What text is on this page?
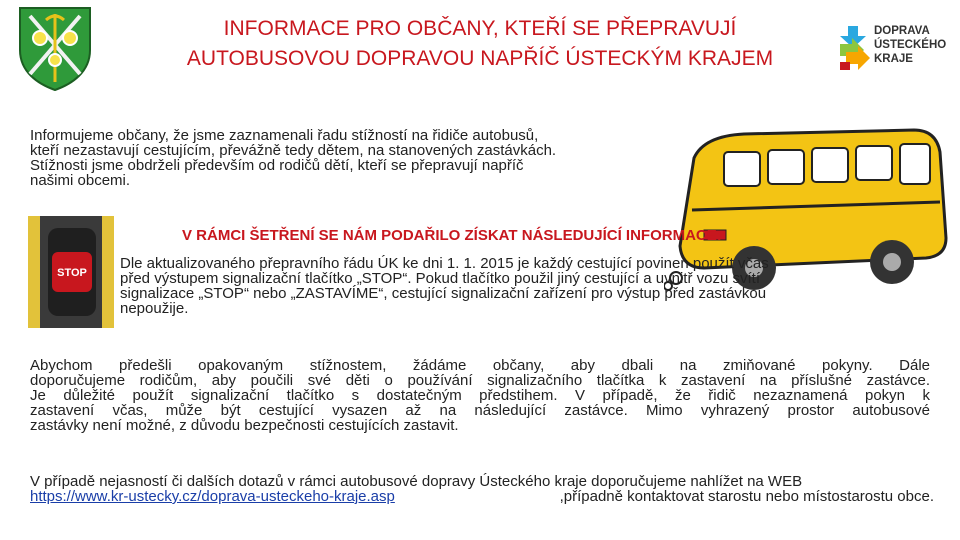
INFORMACE PRO OBČANY, KTEŘÍ SE PŘEPRAVUJÍ
AUTOBUSOVOU DOPRAVOU NAPŘÍČ ÚSTECKÝM KRAJEM
DOPRAVA
ÚSTECKÉHO
KRAJE
Informujeme občany, že jsme zaznamenali řadu stížností na řidiče autobusů,
kteří nezastavují cestujícím, převážně tedy dětem, na stanovených zastávkách.
Stížnosti jsme obdrželi především od rodičů dětí, kteří se přepravují napříč
našimi obcemi.
STOP
V RÁMCI ŠETŘENÍ SE NÁM PODAŘILO ZÍSKAT NÁSLEDUJÍCÍ INFORMACE:
Dle aktualizovaného přepravního řádu ÚK ke dni 1. 1. 2015 je každý cestující povinen použít včas
před výstupem signalizační tlačítko „STOP“. Pokud tlačítko použil jiný cestující a uvnitř vozu svítí
signalizace „STOP“ nebo „ZASTAVÍME“, cestující signalizační zařízení pro výstup před zastávkou
nepoužije.
Abychom předešli opakovaným stížnostem, žádáme občany, aby dbali na zmiňované pokyny. Dále
doporučujeme rodičům, aby poučili své děti o používání signalizačního tlačítka k zastavení na příslušné zastávce.
Je důležité použít signalizační tlačítko s dostatečným předstihem. V případě, že řidič nezaznamená pokyn k
zastavení včas, může být cestující vysazen až na následující zastávce. Mimo vyhrazený prostor autobusové
zastávky není možné, z důvodu bezpečnosti cestujících zastavit.
V případě nejasností či dalších dotazů v rámci autobusové dopravy Ústeckého kraje doporučujeme nahlížet na WEB
https://www.kr-ustecky.cz/doprava-usteckeho-kraje.asp	,případně kontaktovat starostu nebo místostarostu obce.
